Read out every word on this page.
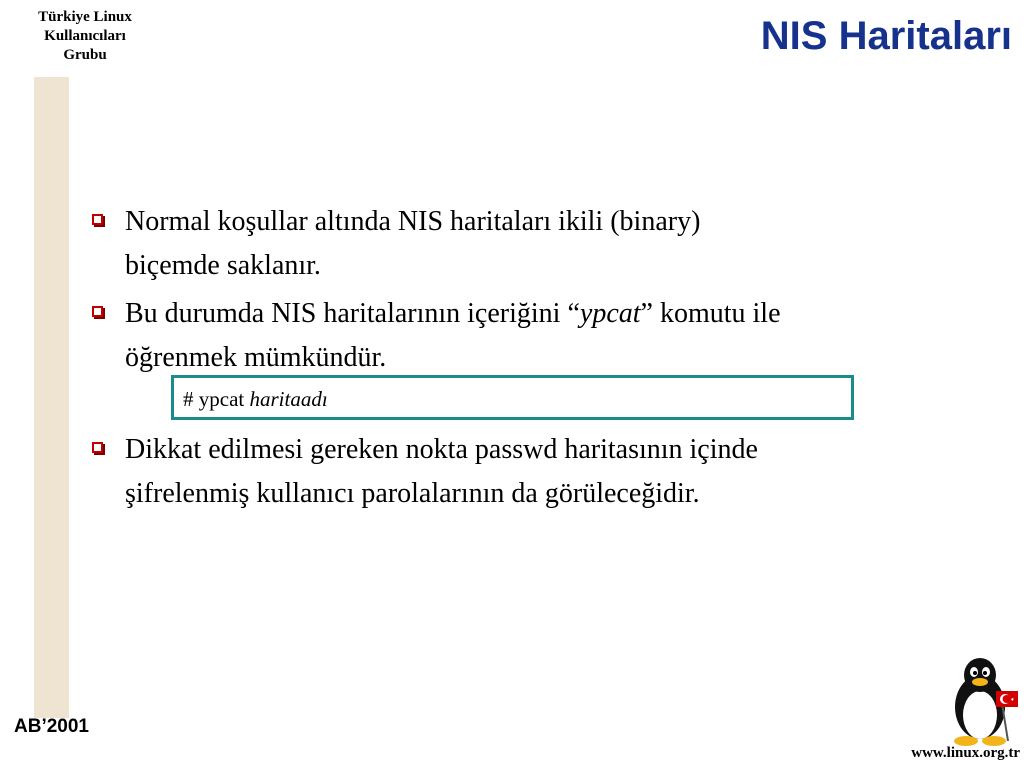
Türkiye Linux
Kullanıcıları
Grubu	NIS Haritaları
Normal koşullar altında NIS haritaları ikili (binary)
biçemde saklanır.
Bu durumda NIS haritalarının içeriğini “ypcat” komutu ile
öğrenmek mümkündür.
# ypcat haritaadı
Dikkat edilmesi gereken nokta passwd haritasının içinde
şifrelenmiş kullanıcı parolalarının da görüleceğidir.
AB’2001
www.linux.org.tr
